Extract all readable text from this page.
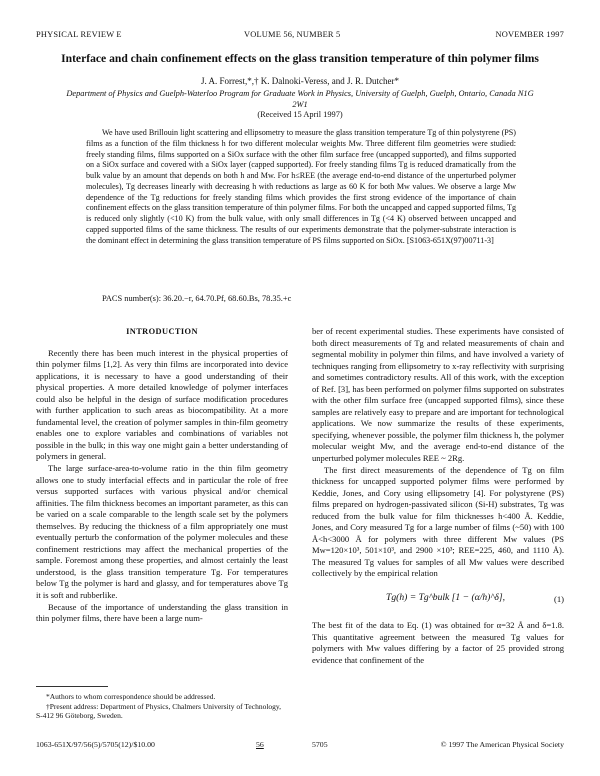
PHYSICAL REVIEW E	VOLUME 56, NUMBER 5	NOVEMBER 1997
Interface and chain confinement effects on the glass transition temperature of thin polymer films
J. A. Forrest,*,† K. Dalnoki-Veress, and J. R. Dutcher*
Department of Physics and Guelph-Waterloo Program for Graduate Work in Physics, University of Guelph, Guelph, Ontario, Canada N1G 2W1
(Received 15 April 1997)

We have used Brillouin light scattering and ellipsometry to measure the glass transition temperature Tg of thin polystyrene (PS) films as a function of the film thickness h for two different molecular weights Mw. Three different film geometries were studied: freely standing films, films supported on a SiOx surface with the other film surface free (uncapped supported), and films supported on a SiOx surface and covered with a SiOx layer (capped supported). For freely standing films Tg is reduced dramatically from the bulk value by an amount that depends on both h and Mw. For h≤REE (the average end-to-end distance of the unperturbed polymer molecules), Tg decreases linearly with decreasing h with reductions as large as 60 K for both Mw values. We observe a large Mw dependence of the Tg reductions for freely standing films which provides the first strong evidence of the importance of chain confinement effects on the glass transition temperature of thin polymer films. For both the uncapped and capped supported films, Tg is reduced only slightly (<10 K) from the bulk value, with only small differences in Tg (<4 K) observed between uncapped and capped supported films of the same thickness. The results of our experiments demonstrate that the polymer-substrate interaction is the dominant effect in determining the glass transition temperature of PS films supported on SiOx. [S1063-651X(97)00711-3]

PACS number(s): 36.20.−r, 64.70.Pf, 68.60.Bs, 78.35.+c
INTRODUCTION

Recently there has been much interest in the physical properties of thin polymer films [1,2]. As very thin films are incorporated into device applications, it is necessary to have a good understanding of their physical properties. A more detailed knowledge of polymer interfaces could also be helpful in the design of surface modification procedures with further application to such areas as biocompatibility. At a more fundamental level, the creation of polymer samples in thin-film geometry enables one to explore variables and combinations of variables not possible in the bulk; in this way one might gain a better understanding of polymers in general.

The large surface-area-to-volume ratio in the thin film geometry allows one to study interfacial effects and in particular the role of free versus supported surfaces with various physical and/or chemical affinities. The film thickness becomes an important parameter, as this can be varied on a scale comparable to the length scale set by the polymers themselves. By reducing the thickness of a film appropriately one must eventually perturb the conformation of the polymer molecules and these confinement restrictions may affect the mechanical properties of the sample. Foremost among these properties, and almost certainly the least understood, is the glass transition temperature Tg. For temperatures below Tg the polymer is hard and glassy, and for temperatures above Tg it is soft and rubberlike.

Because of the importance of understanding the glass transition in thin polymer films, there have been a large num-

ber of recent experimental studies. These experiments have consisted of both direct measurements of Tg and related measurements of chain and segmental mobility in polymer thin films, and have involved a variety of techniques ranging from ellipsometry to x-ray reflectivity with surprising and sometimes contradictory results. All of this work, with the exception of Ref. [3], has been performed on polymer films supported on substrates with the other film surface free (uncapped supported films), since these samples are relatively easy to prepare and are important for technological applications. We now summarize the results of these experiments, specifying, whenever possible, the polymer film thickness h, the polymer molecular weight Mw, and the average end-to-end distance of the unperturbed polymer molecules REE ~ 2Rg.

The first direct measurements of the dependence of Tg on film thickness for uncapped supported polymer films were performed by Keddie, Jones, and Cory using ellipsometry [4]. For polystyrene (PS) films prepared on hydrogen-passivated silicon (Si-H) substrates, Tg was reduced from the bulk value for film thicknesses h<400 Å. Keddie, Jones, and Cory measured Tg for a large number of films (~50) with 100 Å<h<3000 Å for polymers with three different Mw values (PS Mw=120×10³, 501×10³, and 2900 ×10³; REE=225, 460, and 1110 Å). The measured Tg values for samples of all Mw values were described collectively by the empirical relation

Tg(h) = Tg^bulk [1 − (α/h)^δ],	(1)

The best fit of the data to Eq. (1) was obtained for α=32 Å and δ=1.8. This quantitative agreement between the measured Tg values for polymers with Mw values differing by a factor of 25 provided strong evidence that confinement of the

*Authors to whom correspondence should be addressed.

†Present address: Department of Physics, Chalmers University of Technology, S-412 96 Göteborg, Sweden.

1063-651X/97/56(5)/5705(12)/$10.00	56	5705	© 1997 The American Physical Society
